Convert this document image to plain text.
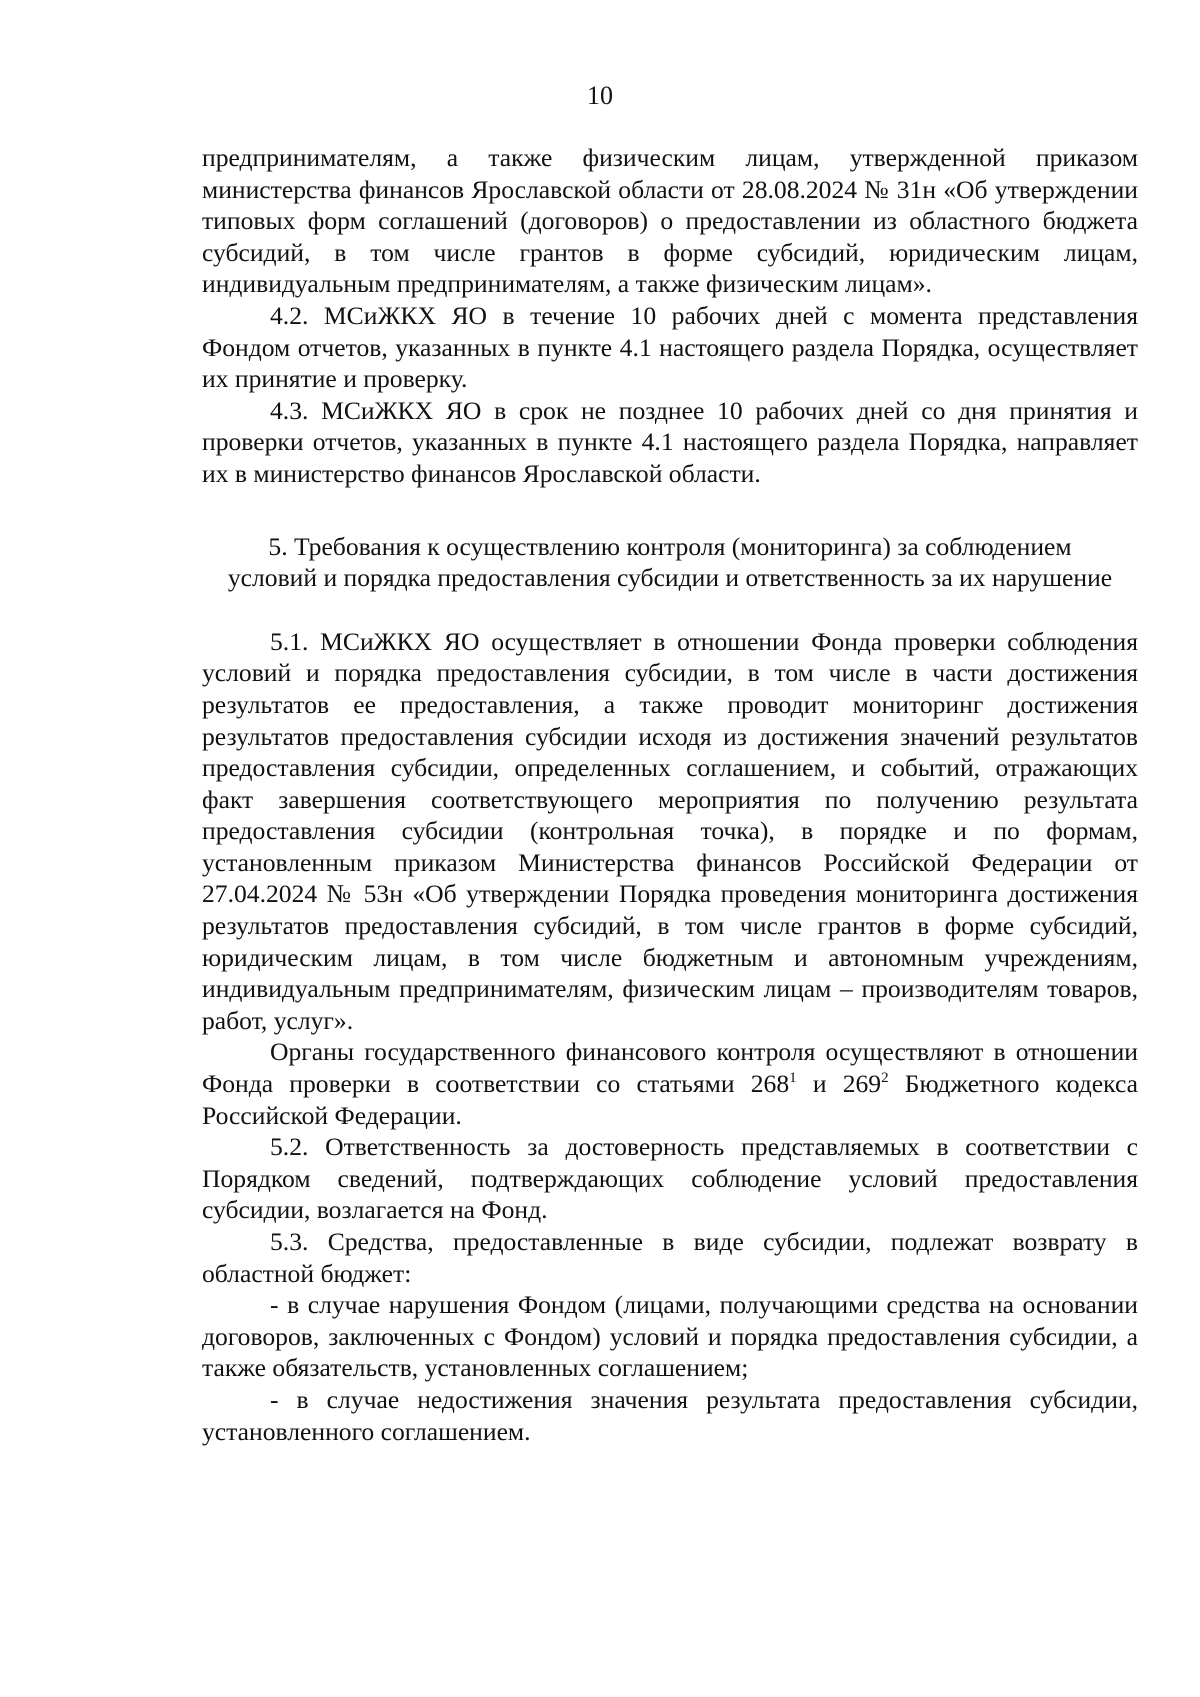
10

предпринимателям, а также физическим лицам, утвержденной приказом министерства финансов Ярославской области от 28.08.2024 № 31н «Об утверждении типовых форм соглашений (договоров) о предоставлении из областного бюджета субсидий, в том числе грантов в форме субсидий, юридическим лицам, индивидуальным предпринимателям, а также физическим лицам».

4.2. МСиЖКХ ЯО в течение 10 рабочих дней с момента представления Фондом отчетов, указанных в пункте 4.1 настоящего раздела Порядка, осуществляет их принятие и проверку.

4.3. МСиЖКХ ЯО в срок не позднее 10 рабочих дней со дня принятия и проверки отчетов, указанных в пункте 4.1 настоящего раздела Порядка, направляет их в министерство финансов Ярославской области.

5. Требования к осуществлению контроля (мониторинга) за соблюдением условий и порядка предоставления субсидии и ответственность за их нарушение

5.1. МСиЖКХ ЯО осуществляет в отношении Фонда проверки соблюдения условий и порядка предоставления субсидии, в том числе в части достижения результатов ее предоставления, а также проводит мониторинг достижения результатов предоставления субсидии исходя из достижения значений результатов предоставления субсидии, определенных соглашением, и событий, отражающих факт завершения соответствующего мероприятия по получению результата предоставления субсидии (контрольная точка), в порядке и по формам, установленным приказом Министерства финансов Российской Федерации от 27.04.2024 № 53н «Об утверждении Порядка проведения мониторинга достижения результатов предоставления субсидий, в том числе грантов в форме субсидий, юридическим лицам, в том числе бюджетным и автономным учреждениям, индивидуальным предпринимателям, физическим лицам – производителям товаров, работ, услуг».

Органы государственного финансового контроля осуществляют в отношении Фонда проверки в соответствии со статьями $268^1$ и $269^2$ Бюджетного кодекса Российской Федерации.

5.2. Ответственность за достоверность представляемых в соответствии с Порядком сведений, подтверждающих соблюдение условий предоставления субсидии, возлагается на Фонд.

5.3. Средства, предоставленные в виде субсидии, подлежат возврату в областной бюджет:

- в случае нарушения Фондом (лицами, получающими средства на основании договоров, заключенных с Фондом) условий и порядка предоставления субсидии, а также обязательств, установленных соглашением;

- в случае недостижения значения результата предоставления субсидии, установленного соглашением.
